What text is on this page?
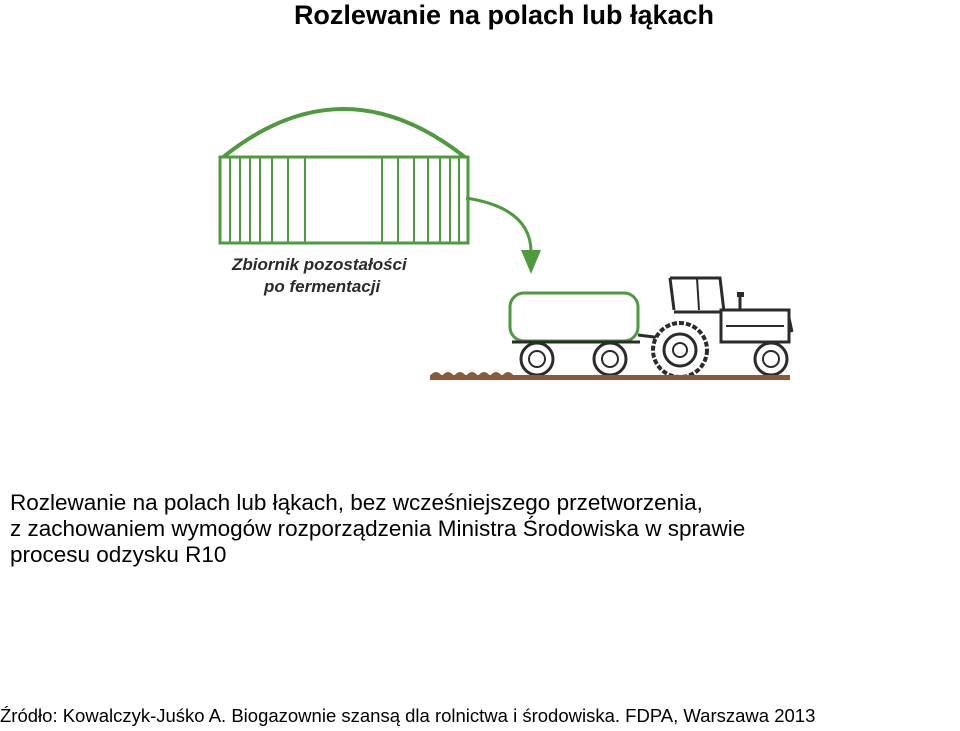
Rozlewanie na polach lub łąkach
Zbiornik pozostałości
po fermentacji
Rozlewanie na polach lub łąkach, bez wcześniejszego przetworzenia,
z zachowaniem wymogów rozporządzenia Ministra Środowiska w sprawie
procesu odzysku R10
Źródło: Kowalczyk-Juśko A. Biogazownie szansą dla rolnictwa i środowiska. FDPA, Warszawa 2013
